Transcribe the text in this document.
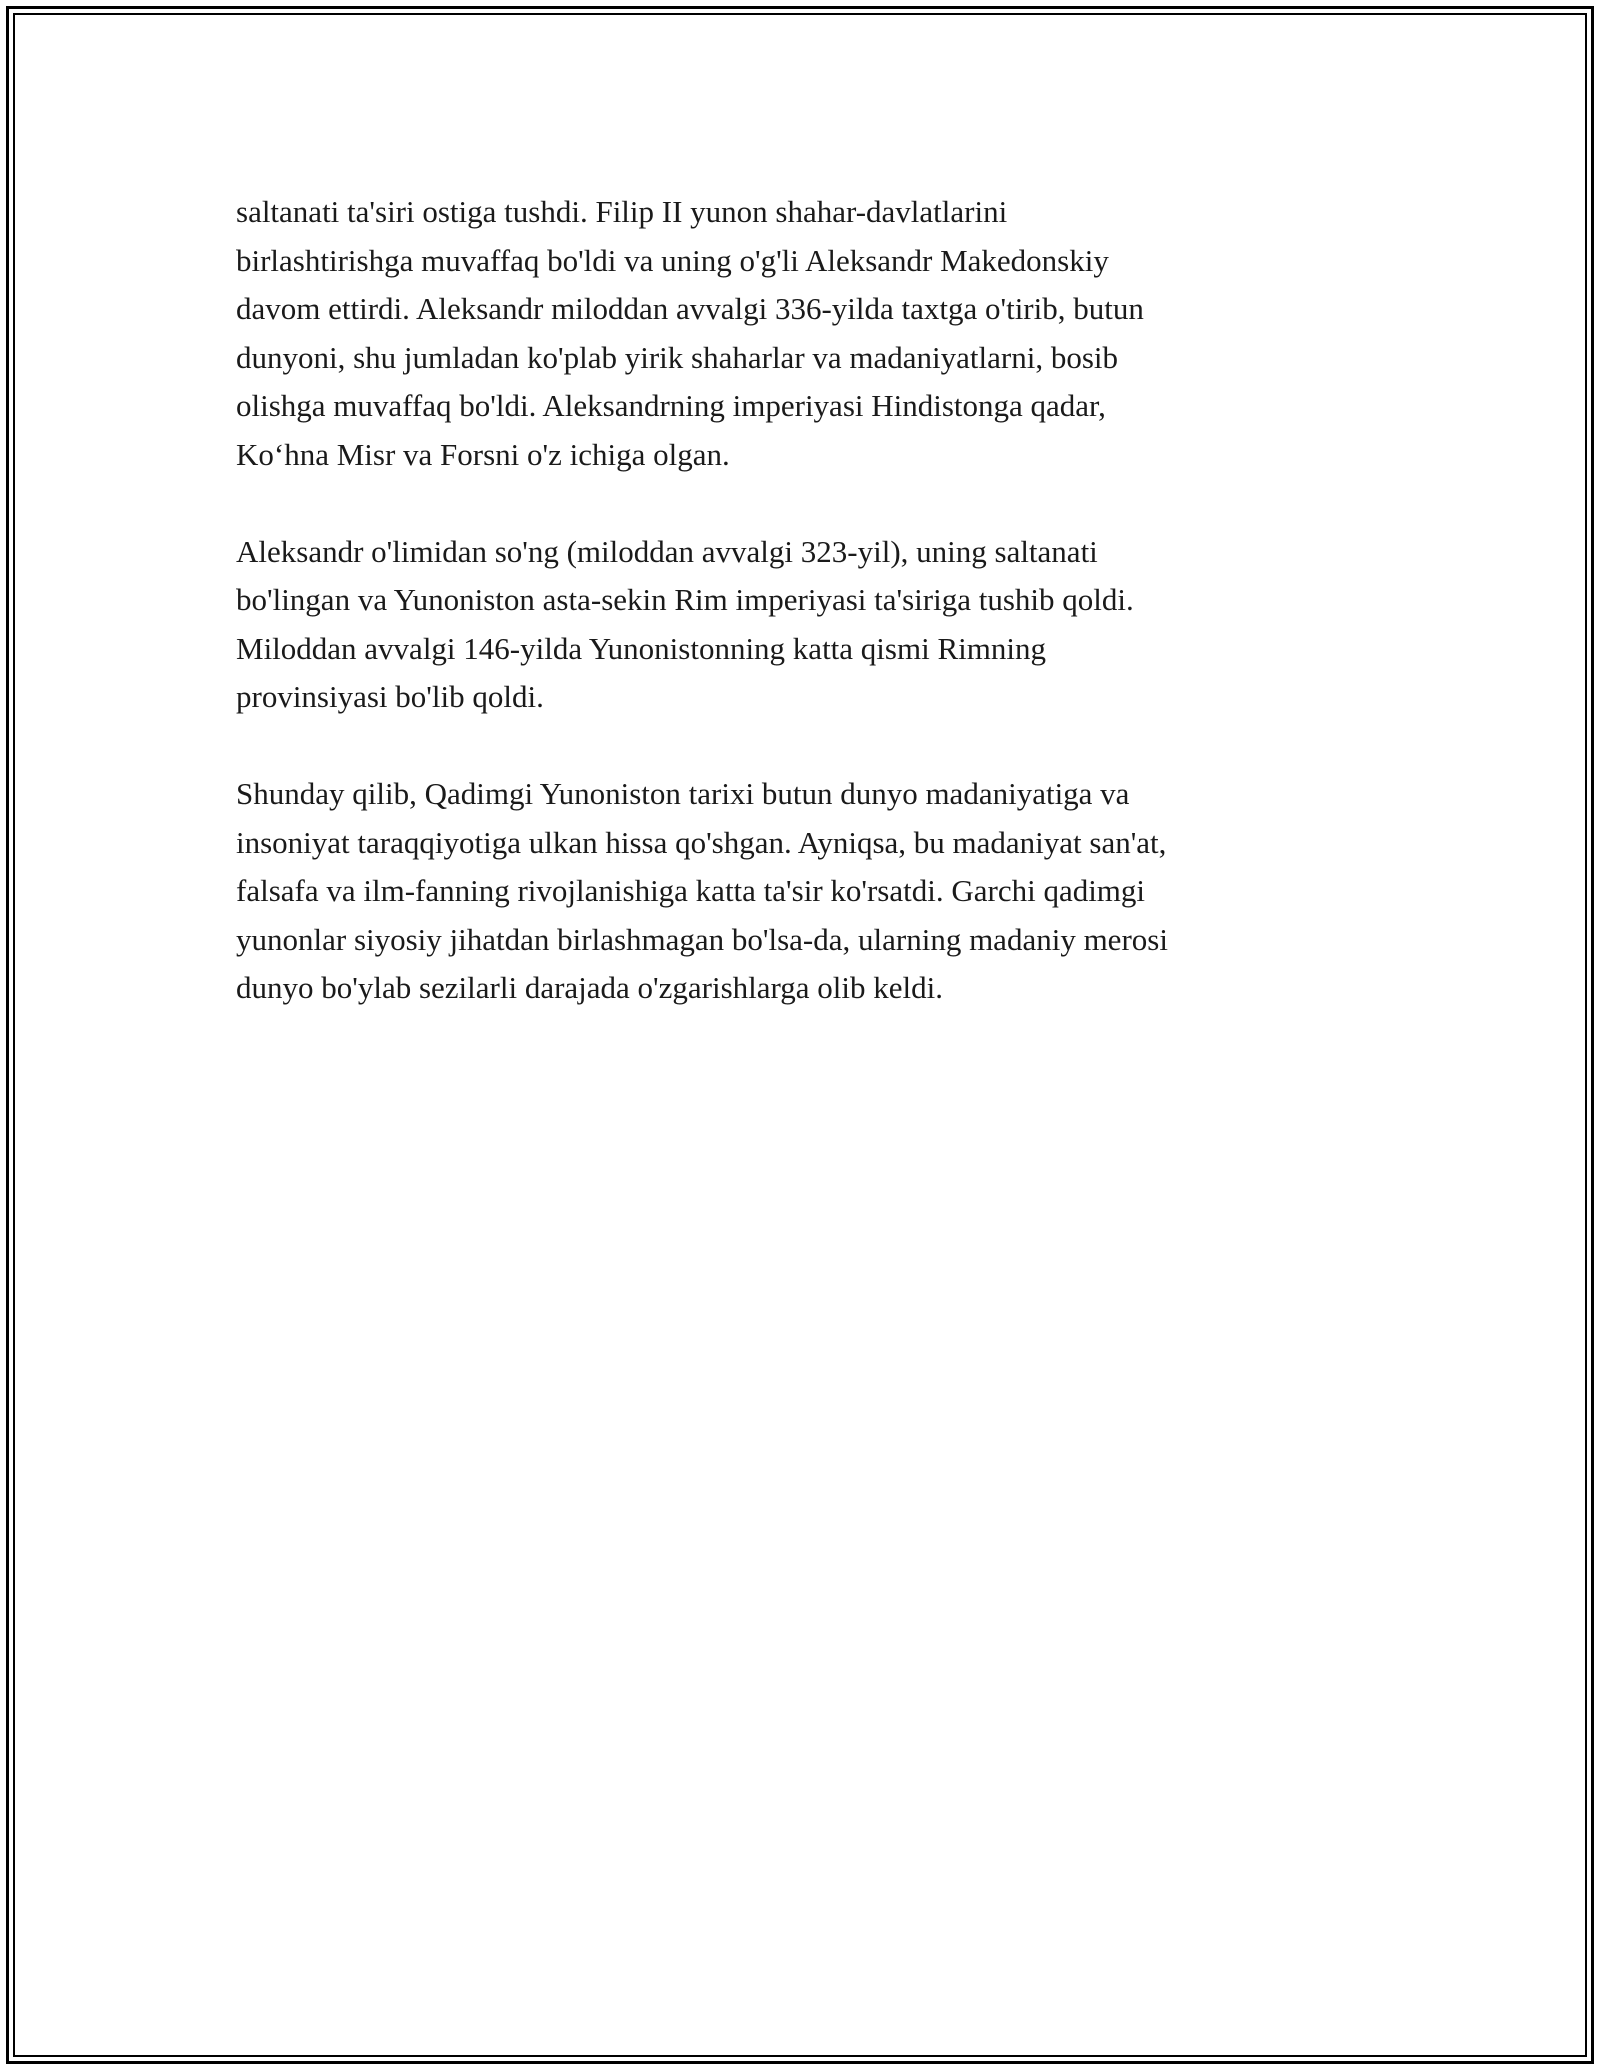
saltanati ta'siri ostiga tushdi. Filip II yunon shahar-davlatlarini
birlashtirishga muvaffaq bo'ldi va uning o'g'li Aleksandr Makedonskiy
davom ettirdi. Aleksandr miloddan avvalgi 336-yilda taxtga o'tirib, butun
dunyoni, shu jumladan ko'plab yirik shaharlar va madaniyatlarni, bosib
olishga muvaffaq bo'ldi. Aleksandrning imperiyasi Hindistonga qadar,
Ko‘hna Misr va Forsni o'z ichiga olgan.

Aleksandr o'limidan so'ng (miloddan avvalgi 323-yil), uning saltanati
bo'lingan va Yunoniston asta-sekin Rim imperiyasi ta'siriga tushib qoldi.
Miloddan avvalgi 146-yilda Yunonistonning katta qismi Rimning
provinsiyasi bo'lib qoldi.

Shunday qilib, Qadimgi Yunoniston tarixi butun dunyo madaniyatiga va
insoniyat taraqqiyotiga ulkan hissa qo'shgan. Ayniqsa, bu madaniyat san'at,
falsafa va ilm-fanning rivojlanishiga katta ta'sir ko'rsatdi. Garchi qadimgi
yunonlar siyosiy jihatdan birlashmagan bo'lsa-da, ularning madaniy merosi
dunyo bo'ylab sezilarli darajada o'zgarishlarga olib keldi.
